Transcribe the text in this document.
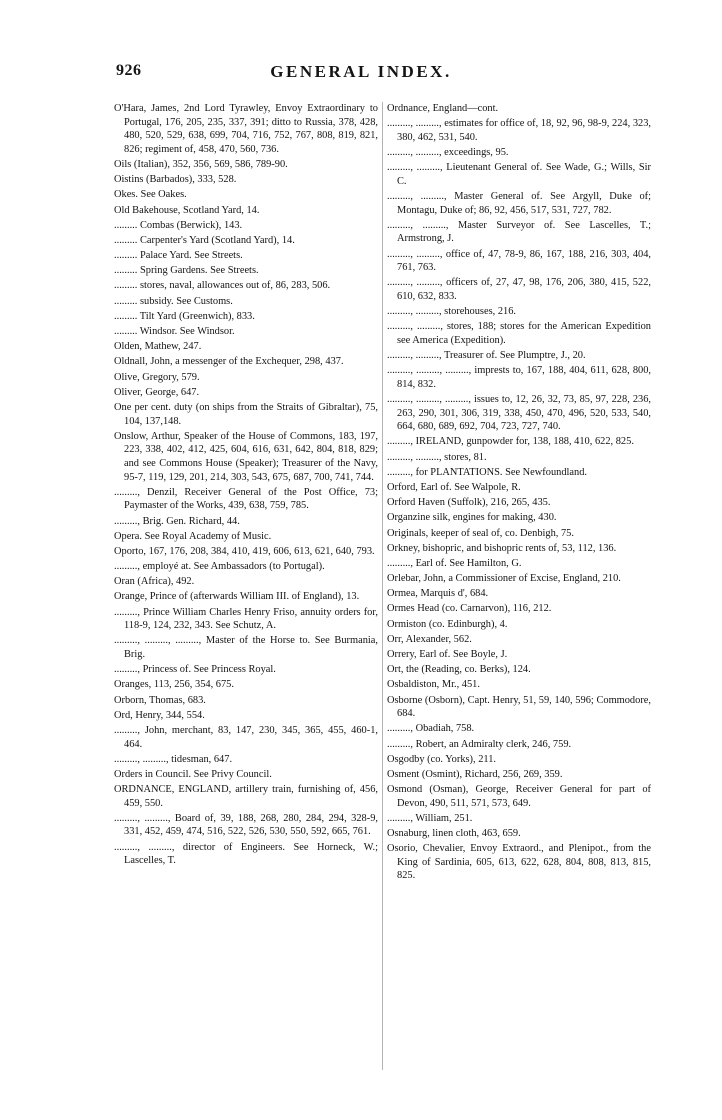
926	GENERAL INDEX.
O'Hara, James, 2nd Lord Tyrawley, Envoy Extraordinary to Portugal, 176, 205, 235, 337, 391; ditto to Russia, 378, 428, 480, 520, 529, 638, 699, 704, 716, 752, 767, 808, 819, 821, 826; regiment of, 458, 470, 560, 736.
Oils (Italian), 352, 356, 569, 586, 789-90.
Oistins (Barbados), 333, 528.
Okes. See Oakes.
Old Bakehouse, Scotland Yard, 14.
......... Combas (Berwick), 143.
......... Carpenter's Yard (Scotland Yard), 14.
......... Palace Yard. See Streets.
......... Spring Gardens. See Streets.
......... stores, naval, allowances out of, 86, 283, 506.
......... subsidy. See Customs.
......... Tilt Yard (Greenwich), 833.
......... Windsor. See Windsor.
Olden, Mathew, 247.
Oldnall, John, a messenger of the Exchequer, 298, 437.
Olive, Gregory, 579.
Oliver, George, 647.
One per cent. duty (on ships from the Straits of Gibraltar), 75, 104, 137,148.
Onslow, Arthur, Speaker of the House of Commons, 183, 197, 223, 338, 402, 412, 425, 604, 616, 631, 642, 804, 818, 829; and see Commons House (Speaker); Treasurer of the Navy, 95-7, 119, 129, 201, 214, 303, 543, 675, 687, 700, 741, 744.
........., Denzil, Receiver General of the Post Office, 73; Paymaster of the Works, 439, 638, 759, 785.
........., Brig. Gen. Richard, 44.
Opera. See Royal Academy of Music.
Oporto, 167, 176, 208, 384, 410, 419, 606, 613, 621, 640, 793.
........., employé at. See Ambassadors (to Portugal).
Oran (Africa), 492.
Orange, Prince of (afterwards William III. of England), 13.
........., Prince William Charles Henry Friso, annuity orders for, 118-9, 124, 232, 343. See Schutz, A.
........., ........., ........., Master of the Horse to. See Burmania, Brig.
........., Princess of. See Princess Royal.
Oranges, 113, 256, 354, 675.
Orborn, Thomas, 683.
Ord, Henry, 344, 554.
........., John, merchant, 83, 147, 230, 345, 365, 455, 460-1, 464.
........., ........., tidesman, 647.
Orders in Council. See Privy Council.
ORDNANCE, ENGLAND, artillery train, furnishing of, 456, 459, 550.
........., ........., Board of, 39, 188, 268, 280, 284, 294, 328-9, 331, 452, 459, 474, 516, 522, 526, 530, 550, 592, 665, 761.
........., ........., director of Engineers. See Horneck, W.; Lascelles, T.
Ordnance, England—cont.
........., ........., estimates for office of, 18, 92, 96, 98-9, 224, 323, 380, 462, 531, 540.
........., ........., exceedings, 95.
........., ........., Lieutenant General of. See Wade, G.; Wills, Sir C.
........., ........., Master General of. See Argyll, Duke of; Montagu, Duke of; 86, 92, 456, 517, 531, 727, 782.
........., ........., Master Surveyor of. See Lascelles, T.; Armstrong, J.
........., ........., office of, 47, 78-9, 86, 167, 188, 216, 303, 404, 761, 763.
........., ........., officers of, 27, 47, 98, 176, 206, 380, 415, 522, 610, 632, 833.
........., ........., storehouses, 216.
........., ........., stores, 188; stores for the American Expedition see America (Expedition).
........., ........., Treasurer of. See Plumptre, J., 20.
........., ........., ........., imprests to, 167, 188, 404, 611, 628, 800, 814, 832.
........., ........., ........., issues to, 12, 26, 32, 73, 85, 97, 228, 236, 263, 290, 301, 306, 319, 338, 450, 470, 496, 520, 533, 540, 664, 680, 689, 692, 704, 723, 727, 740.
........., IRELAND, gunpowder for, 138, 188, 410, 622, 825.
........., ........., stores, 81.
........., for PLANTATIONS. See Newfoundland.
Orford, Earl of. See Walpole, R.
Orford Haven (Suffolk), 216, 265, 435.
Organzine silk, engines for making, 430.
Originals, keeper of seal of, co. Denbigh, 75.
Orkney, bishopric, and bishopric rents of, 53, 112, 136.
........., Earl of. See Hamilton, G.
Orlebar, John, a Commissioner of Excise, England, 210.
Ormea, Marquis d', 684.
Ormes Head (co. Carnarvon), 116, 212.
Ormiston (co. Edinburgh), 4.
Orr, Alexander, 562.
Orrery, Earl of. See Boyle, J.
Ort, the (Reading, co. Berks), 124.
Osbaldiston, Mr., 451.
Osborne (Osborn), Capt. Henry, 51, 59, 140, 596; Commodore, 684.
........., Obadiah, 758.
........., Robert, an Admiralty clerk, 246, 759.
Osgodby (co. Yorks), 211.
Osment (Osmint), Richard, 256, 269, 359.
Osmond (Osman), George, Receiver General for part of Devon, 490, 511, 571, 573, 649.
........., William, 251.
Osnaburg, linen cloth, 463, 659.
Osorio, Chevalier, Envoy Extraord., and Plenipot., from the King of Sardinia, 605, 613, 622, 628, 804, 808, 813, 815, 825.
